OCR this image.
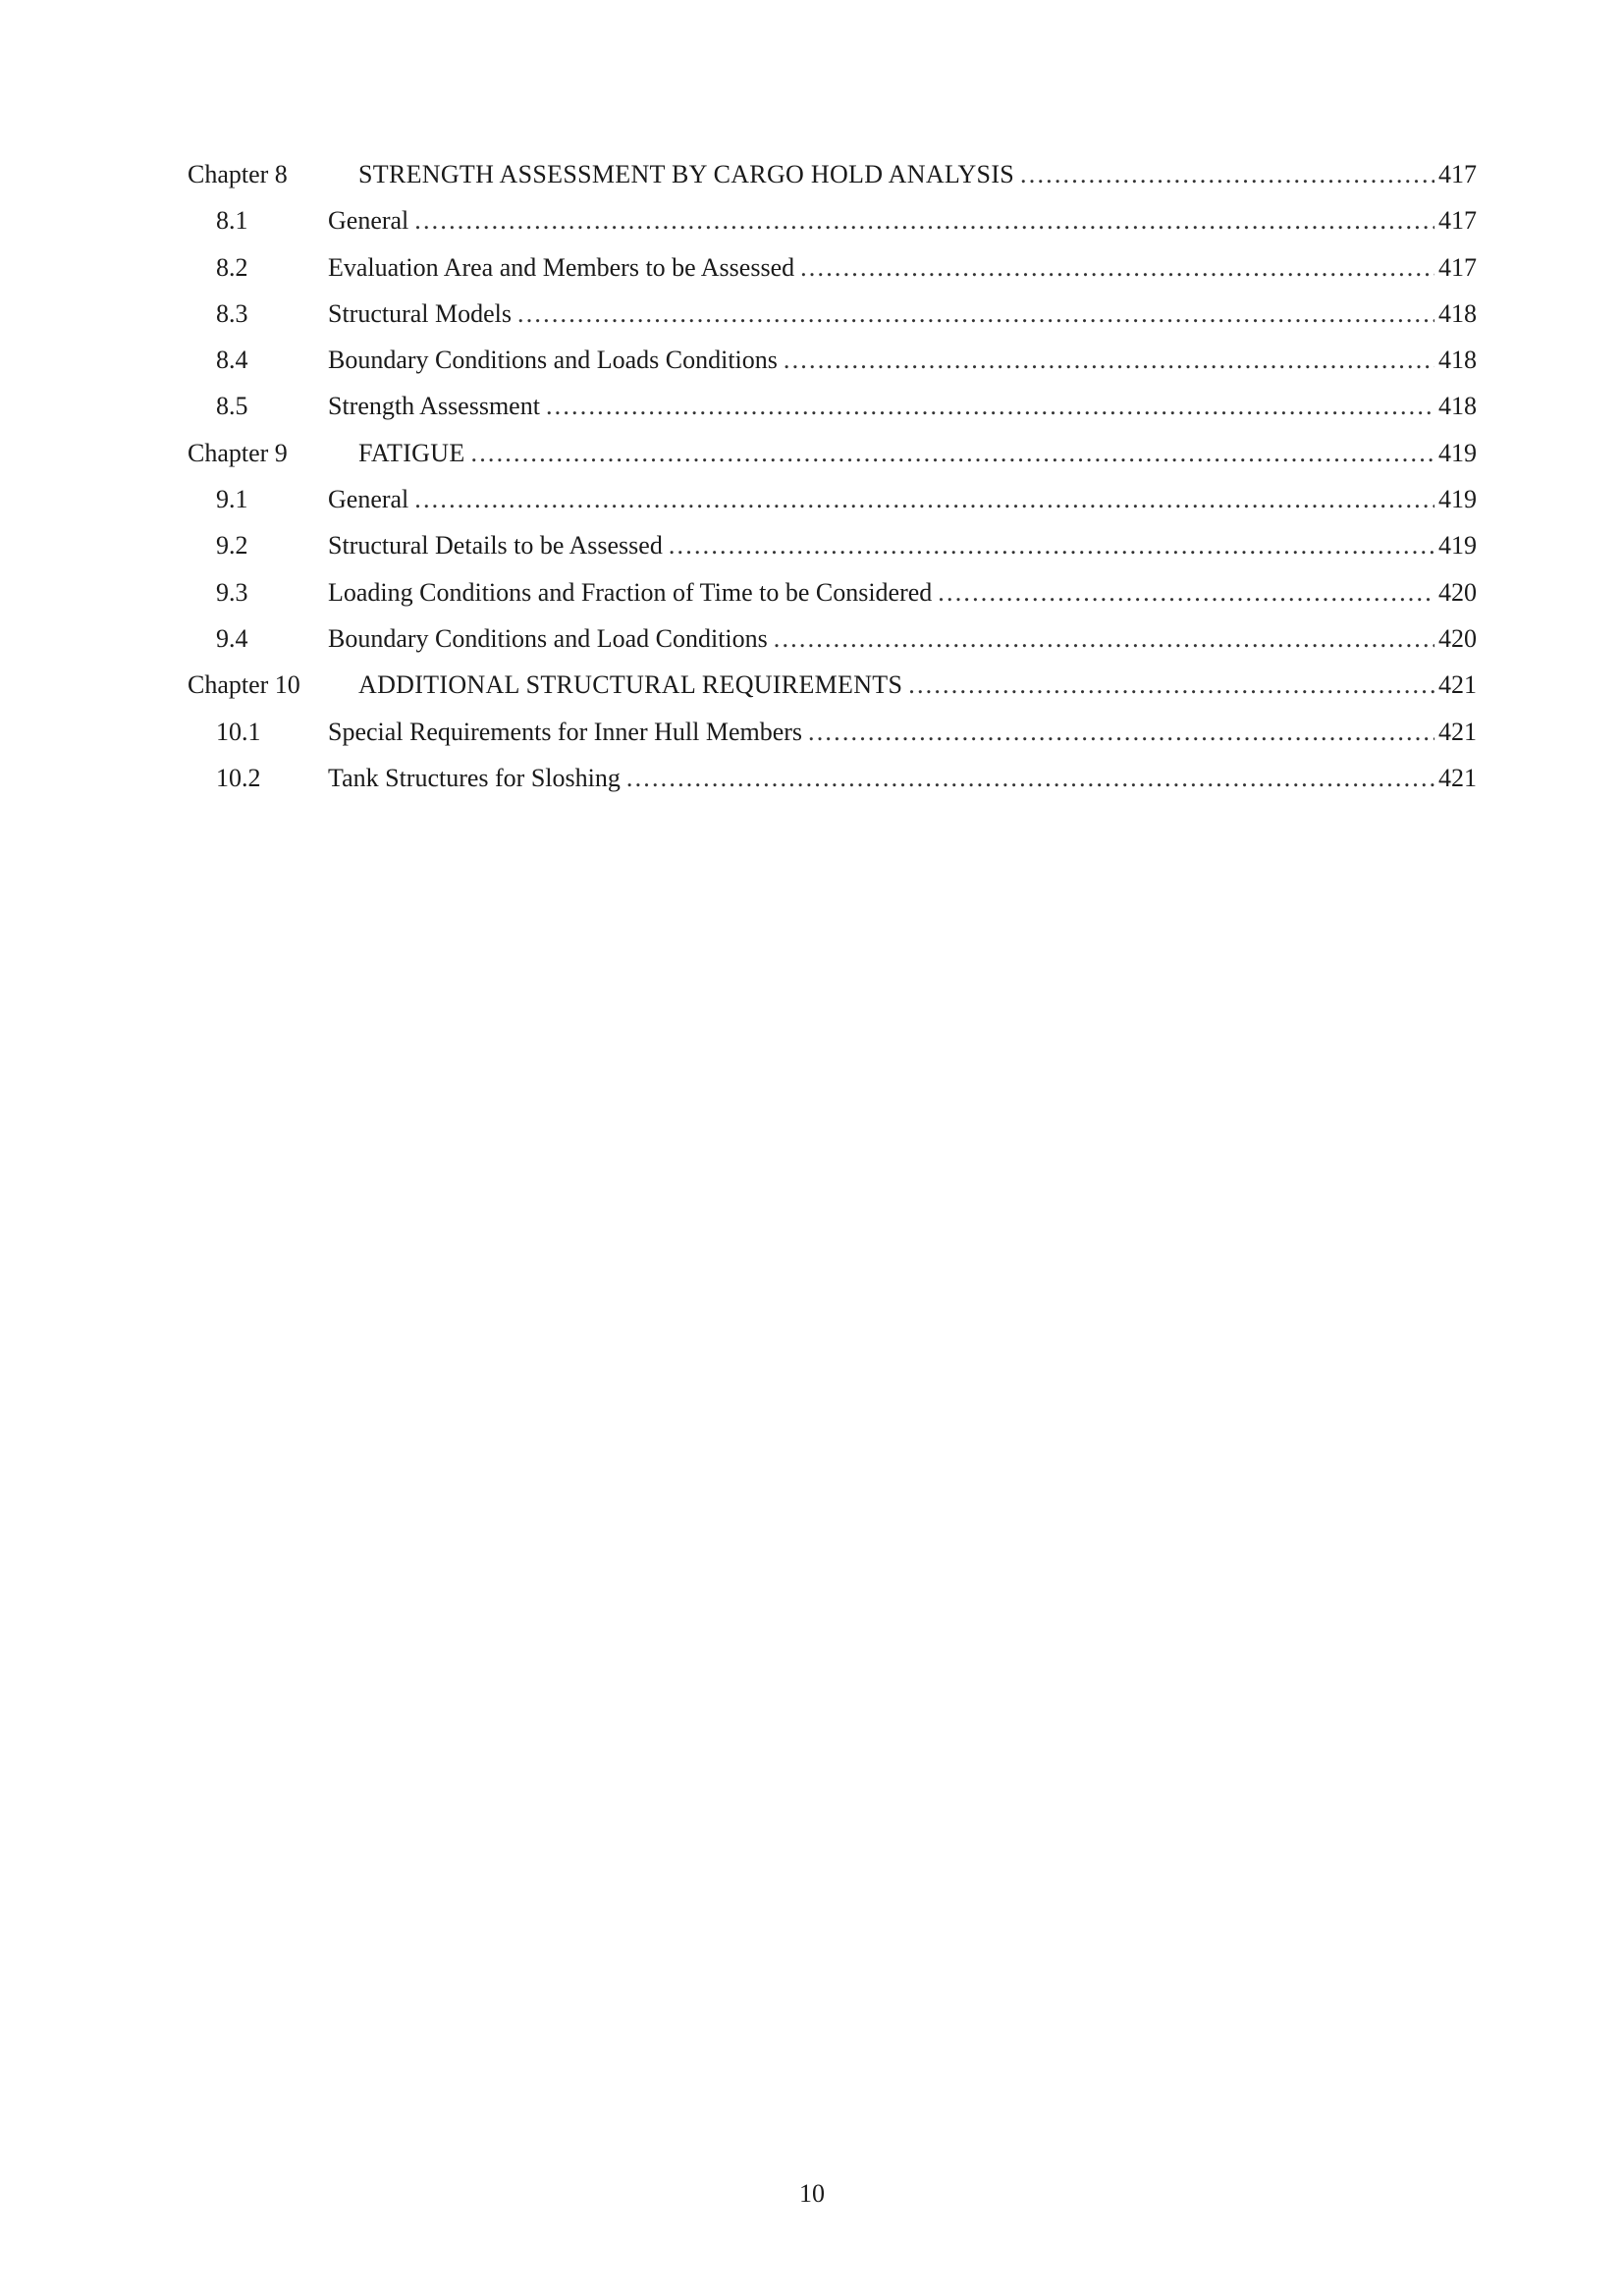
Chapter 8	STRENGTH ASSESSMENT BY CARGO HOLD ANALYSIS .....	417
8.1	General .....	417
8.2	Evaluation Area and Members to be Assessed .....	417
8.3	Structural Models .....	418
8.4	Boundary Conditions and Loads Conditions .....	418
8.5	Strength Assessment .....	418
Chapter 9	FATIGUE .....	419
9.1	General .....	419
9.2	Structural Details to be Assessed .....	419
9.3	Loading Conditions and Fraction of Time to be Considered .....	420
9.4	Boundary Conditions and Load Conditions .....	420
Chapter 10	ADDITIONAL STRUCTURAL REQUIREMENTS .....	421
10.1	Special Requirements for Inner Hull Members .....	421
10.2	Tank Structures for Sloshing .....	421

10
